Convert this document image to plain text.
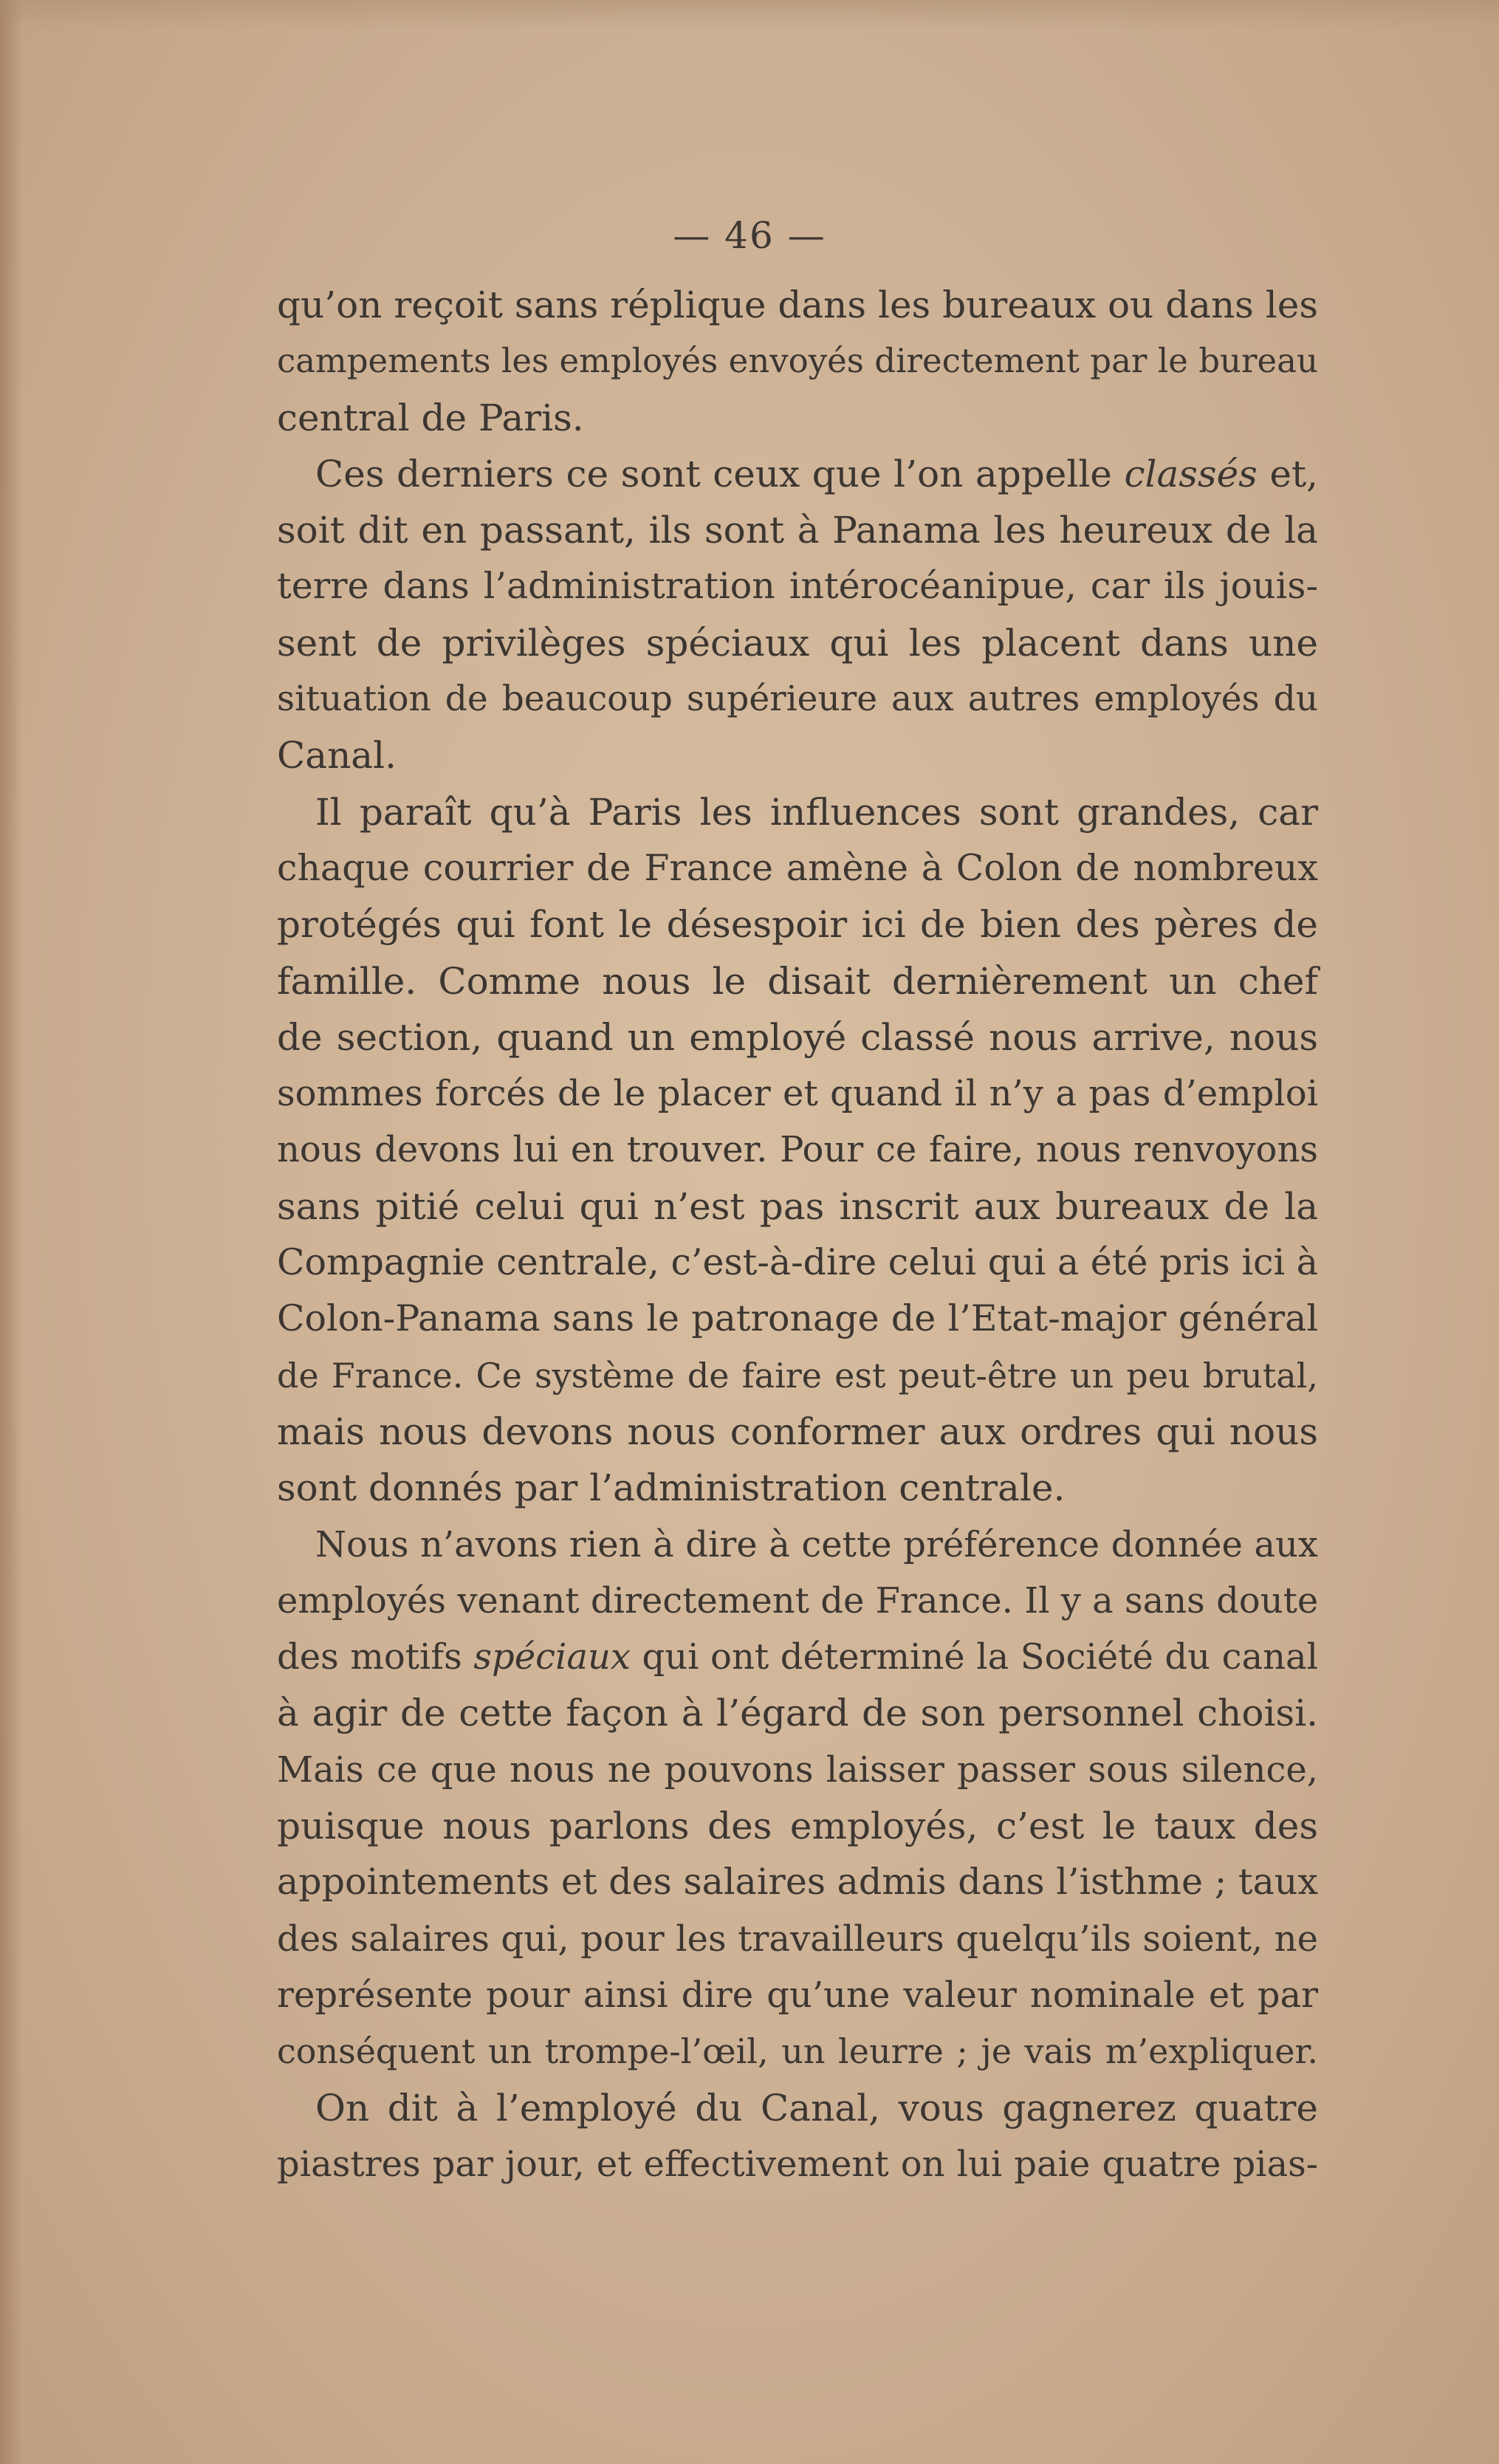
— 46 —
qu’on reçoit sans réplique dans les bureaux ou dans les
campements les employés envoyés directement par le bureau
central de Paris.
Ces derniers ce sont ceux que l’on appelle classés et,
soit dit en passant, ils sont à Panama les heureux de la
terre dans l’administration intérocéanipue, car ils jouis-
sent de privilèges spéciaux qui les placent dans une
situation de beaucoup supérieure aux autres employés du
Canal.
Il paraît qu’à Paris les influences sont grandes, car
chaque courrier de France amène à Colon de nombreux
protégés qui font le désespoir ici de bien des pères de
famille. Comme nous le disait dernièrement un chef
de section, quand un employé classé nous arrive, nous
sommes forcés de le placer et quand il n’y a pas d’emploi
nous devons lui en trouver. Pour ce faire, nous renvoyons
sans pitié celui qui n’est pas inscrit aux bureaux de la
Compagnie centrale, c’est-à-dire celui qui a été pris ici à
Colon-Panama sans le patronage de l’Etat-major général
de France. Ce système de faire est peut-être un peu brutal,
mais nous devons nous conformer aux ordres qui nous
sont donnés par l’administration centrale.
Nous n’avons rien à dire à cette préférence donnée aux
employés venant directement de France. Il y a sans doute
des motifs spéciaux qui ont déterminé la Société du canal
à agir de cette façon à l’égard de son personnel choisi.
Mais ce que nous ne pouvons laisser passer sous silence,
puisque nous parlons des employés, c’est le taux des
appointements et des salaires admis dans l’isthme ; taux
des salaires qui, pour les travailleurs quelqu’ils soient, ne
représente pour ainsi dire qu’une valeur nominale et par
conséquent un trompe-l’œil, un leurre ; je vais m’expliquer.
On dit à l’employé du Canal, vous gagnerez quatre
piastres par jour, et effectivement on lui paie quatre pias-
